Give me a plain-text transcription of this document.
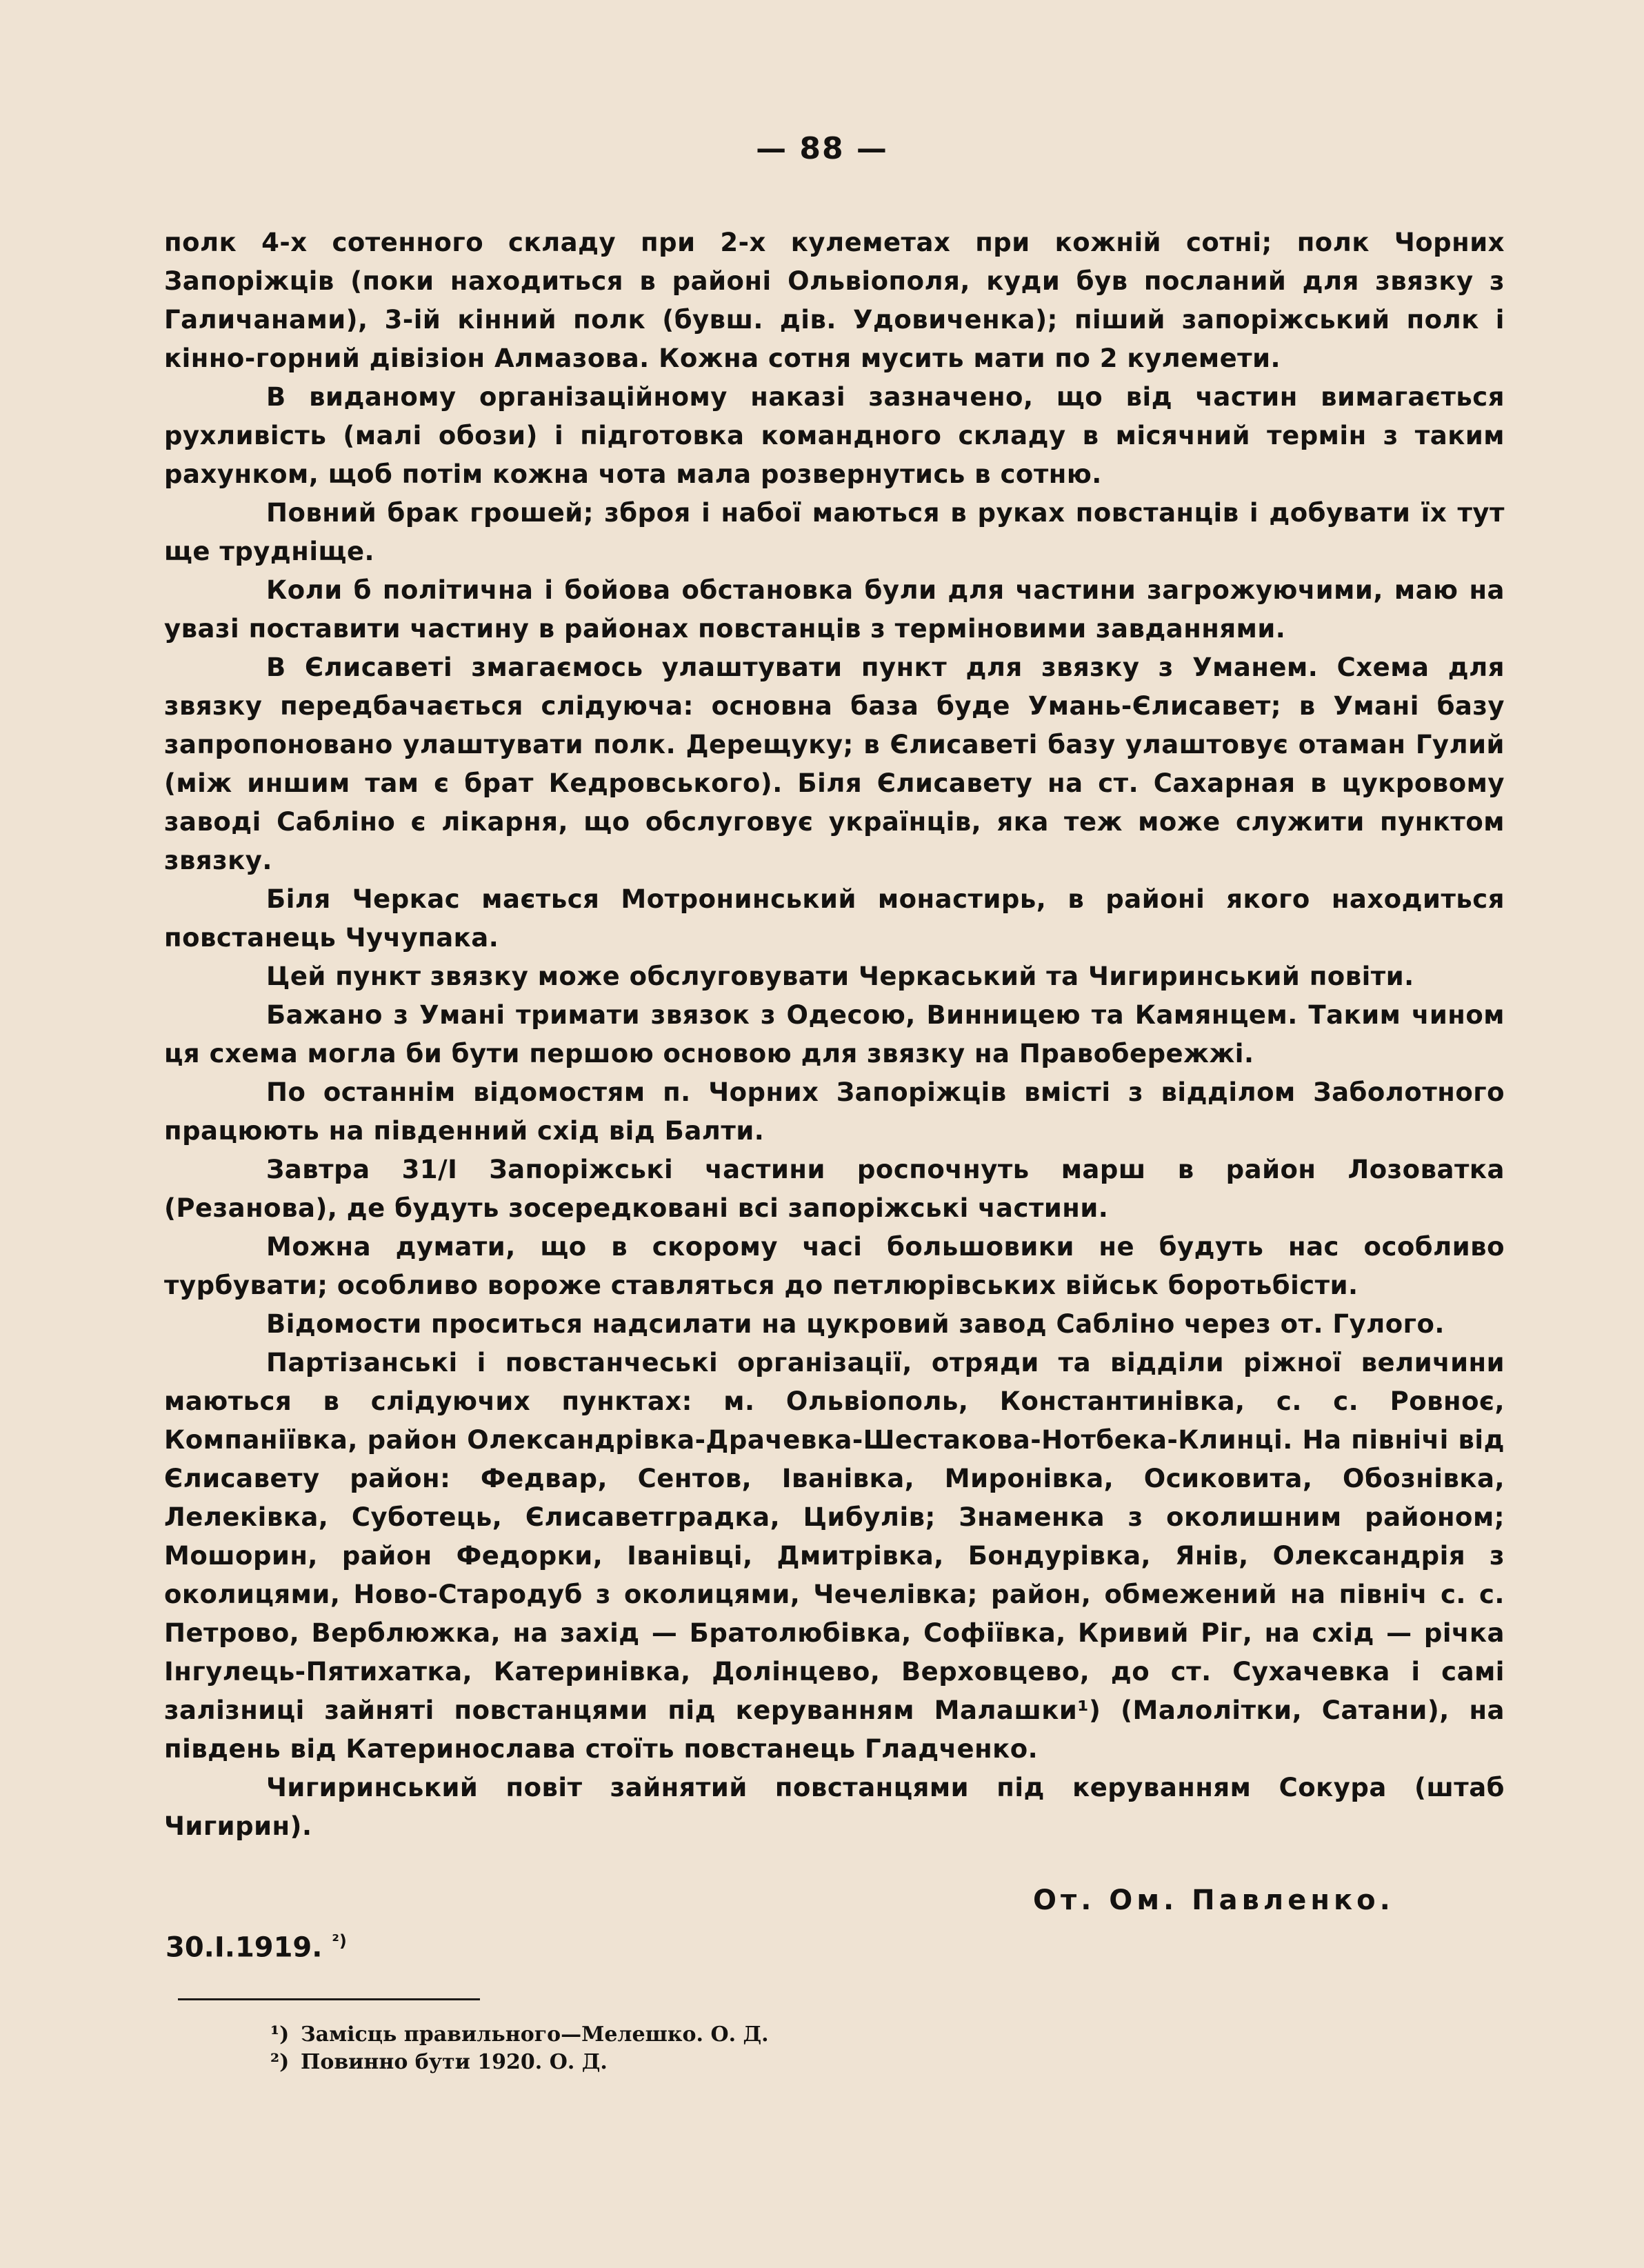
— 88 —

полк 4-х сотенного складу при 2-х кулеметах при кожній сотні; полк Чорних Запоріжців (поки находиться в районі Ольвіополя, куди був посланий для звязку з Галичанами), 3-ій кінний полк (бувш. дів. Удовиченка); піший запоріжський полк і кінно-горний дівізіон Алмазова. Кожна сотня мусить мати по 2 кулемети.

В виданому організаційному наказі зазначено, що від частин вимагається рухливість (малі обози) і підготовка командного складу в місячний термін з таким рахунком, щоб потім кожна чота мала розвернутись в сотню.

Повний брак грошей; зброя і набої маються в руках повстанців і добувати їх тут ще трудніще.

Коли б політична і бойова обстановка були для частини загрожуючими, маю на увазі поставити частину в районах повстанців з терміновими завданнями.

В Єлисаветі змагаємось улаштувати пункт для звязку з Уманем. Схема для звязку передбачається слідуюча: основна база буде Умань-Єлисавет; в Умані базу запропоновано улаштувати полк. Дерещуку; в Єлисаветі базу улаштовує отаман Гулий (між иншим там є брат Кедровського). Біля Єлисавету на ст. Сахарная в цукровому заводі Сабліно є лікарня, що обслуговує українців, яка теж може служити пунктом звязку.

Біля Черкас мається Мотронинський монастирь, в районі якого находиться повстанець Чучупака.

Цей пункт звязку може обслуговувати Черкаський та Чигиринський повіти.

Бажано з Умані тримати звязок з Одесою, Винницею та Камянцем. Таким чином ця схема могла би бути першою основою для звязку на Правобережжі.

По останнім відомостям п. Чорних Запоріжців вмісті з відділом Заболотного працюють на південний схід від Балти.

Завтра 31/І Запоріжські частини роспочнуть марш в район Лозоватка (Резанова), де будуть зосередковані всі запоріжські частини.

Можна думати, що в скорому часі большовики не будуть нас особливо турбувати; особливо вороже ставляться до петлюрівських військ боротьбісти.

Відомости проситься надсилати на цукровий завод Сабліно через от. Гулого.

Партізанські і повстанчеські організації, отряди та відділи ріжної величини маються в слідуючих пунктах: м. Ольвіополь, Константинівка, с. с. Ровноє, Компаніївка, район Олександрівка-Драчевка-Шестакова-Нотбека-Клинці. На північі від Єлисавету район: Федвар, Сентов, Іванівка, Миронівка, Осиковита, Обознівка, Лелеківка, Суботець, Єлисаветградка, Цибулів; Знаменка з околишним районом; Мошорин, район Федорки, Іванівці, Дмитрівка, Бондурівка, Янів, Олександрія з околицями, Ново-Стародуб з околицями, Чечелівка; район, обмежений на північ с. с. Петрово, Верблюжка, на захід — Братолюбівка, Софіївка, Кривий Ріг, на схід — річка Інгулець-Пятихатка, Катеринівка, Долінцево, Верховцево, до ст. Сухачевка і самі залізниці зайняті повстанцями під керуванням Малашки¹) (Малолітки, Сатани), на південь від Катеринослава стоїть повстанець Гладченко.

Чигиринський повіт зайнятий повстанцями під керуванням Сокура (штаб Чигирин).

От. Ом. Павленко.
30.І.1919. $^{^2)}$
¹) Замісць правильного—Мелешко. О. Д.
²) Повинно бути 1920. О. Д.
